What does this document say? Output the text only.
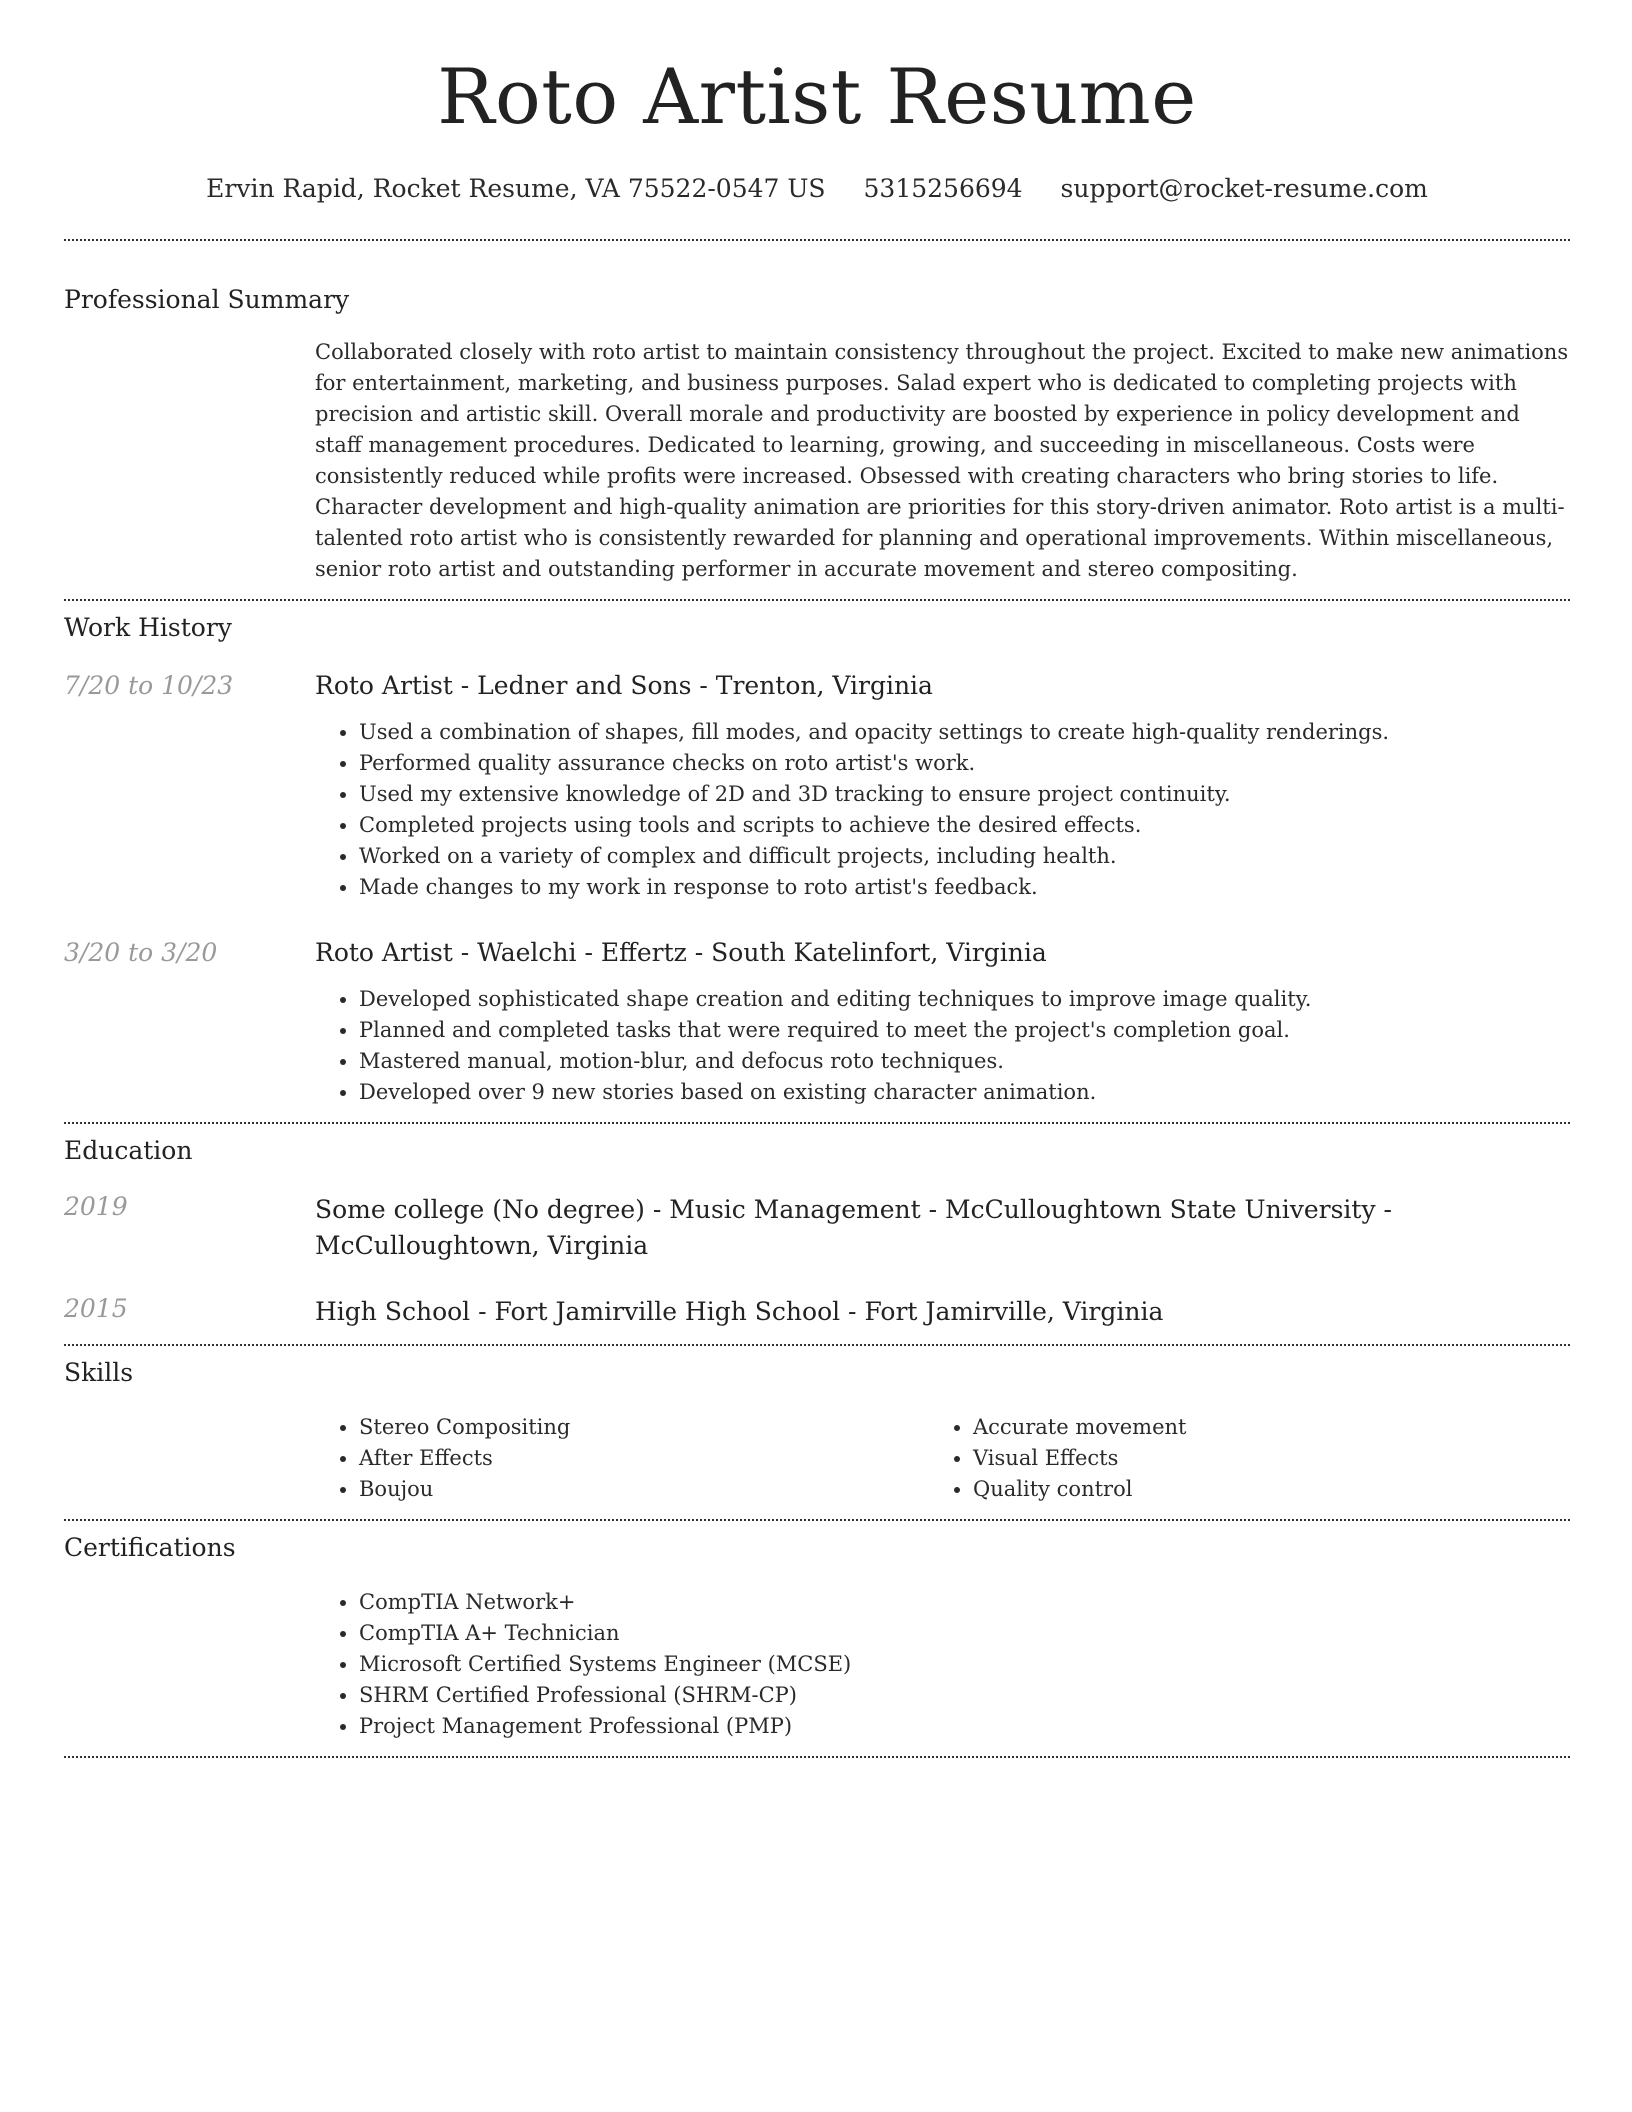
Roto Artist Resume
Ervin Rapid, Rocket Resume, VA 75522-0547 US 5315256694 support@rocket-resume.com
Professional Summary

Collaborated closely with roto artist to maintain consistency throughout the project. Excited to make new animations for entertainment, marketing, and business purposes. Salad expert who is dedicated to completing projects with precision and artistic skill. Overall morale and productivity are boosted by experience in policy development and staff management procedures. Dedicated to learning, growing, and succeeding in miscellaneous. Costs were consistently reduced while profits were increased. Obsessed with creating characters who bring stories to life. Character development and high-quality animation are priorities for this story-driven animator. Roto artist is a multi-talented roto artist who is consistently rewarded for planning and operational improvements. Within miscellaneous, senior roto artist and outstanding performer in accurate movement and stereo compositing.

Work History
7/20 to 10/23	Roto Artist - Ledner and Sons - Trenton, Virginia
• Used a combination of shapes, fill modes, and opacity settings to create high-quality renderings.
• Performed quality assurance checks on roto artist's work.
• Used my extensive knowledge of 2D and 3D tracking to ensure project continuity.
• Completed projects using tools and scripts to achieve the desired effects.
• Worked on a variety of complex and difficult projects, including health.
• Made changes to my work in response to roto artist's feedback.
3/20 to 3/20	Roto Artist - Waelchi - Effertz - South Katelinfort, Virginia
• Developed sophisticated shape creation and editing techniques to improve image quality.
• Planned and completed tasks that were required to meet the project's completion goal.
• Mastered manual, motion-blur, and defocus roto techniques.
• Developed over 9 new stories based on existing character animation.
Education
2019	Some college (No degree) - Music Management - McCulloughtown State University - McCulloughtown, Virginia
2015	High School - Fort Jamirville High School - Fort Jamirville, Virginia
Skills
• Stereo Compositing
• After Effects
• Boujou
• Accurate movement
• Visual Effects
• Quality control
Certifications
• CompTIA Network+
• CompTIA A+ Technician
• Microsoft Certified Systems Engineer (MCSE)
• SHRM Certified Professional (SHRM-CP)
• Project Management Professional (PMP)
